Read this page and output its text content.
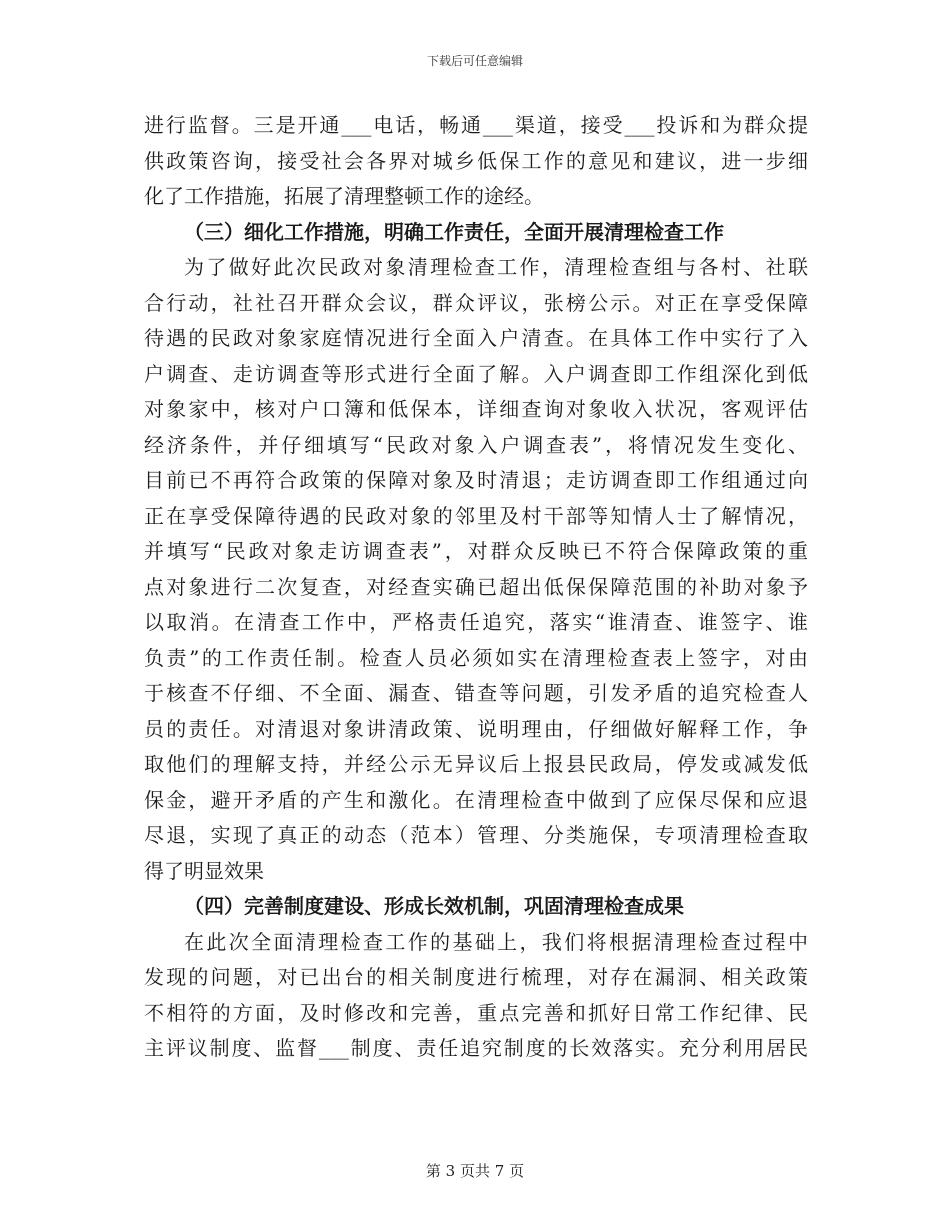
下载后可任意编辑
进行监督。三是开通___电话，畅通___渠道，接受___投诉和为群众提
供政策咨询，接受社会各界对城乡低保工作的意见和建议，进一步细
化了工作措施，拓展了清理整顿工作的途经。
（三）细化工作措施，明确工作责任，全面开展清理检查工作
为了做好此次民政对象清理检查工作，清理检查组与各村、社联
合行动，社社召开群众会议，群众评议，张榜公示。对正在享受保障
待遇的民政对象家庭情况进行全面入户清查。在具体工作中实行了入
户调查、走访调查等形式进行全面了解。入户调查即工作组深化到低
对象家中，核对户口簿和低保本，详细查询对象收入状况，客观评估
经济条件，并仔细填写“民政对象入户调查表”，将情况发生变化、
目前已不再符合政策的保障对象及时清退；走访调查即工作组通过向
正在享受保障待遇的民政对象的邻里及村干部等知情人士了解情况，
并填写“民政对象走访调查表”，对群众反映已不符合保障政策的重
点对象进行二次复查，对经查实确已超出低保保障范围的补助对象予
以取消。在清查工作中，严格责任追究，落实“谁清查、谁签字、谁
负责”的工作责任制。检查人员必须如实在清理检查表上签字，对由
于核查不仔细、不全面、漏查、错查等问题，引发矛盾的追究检查人
员的责任。对清退对象讲清政策、说明理由，仔细做好解释工作，争
取他们的理解支持，并经公示无异议后上报县民政局，停发或减发低
保金，避开矛盾的产生和激化。在清理检查中做到了应保尽保和应退
尽退，实现了真正的动态（范本）管理、分类施保，专项清理检查取
得了明显效果
（四）完善制度建设、形成长效机制，巩固清理检查成果
在此次全面清理检查工作的基础上，我们将根据清理检查过程中
发现的问题，对已出台的相关制度进行梳理，对存在漏洞、相关政策
不相符的方面，及时修改和完善，重点完善和抓好日常工作纪律、民
主评议制度、监督___制度、责任追究制度的长效落实。充分利用居民
第 3 页共 7 页
